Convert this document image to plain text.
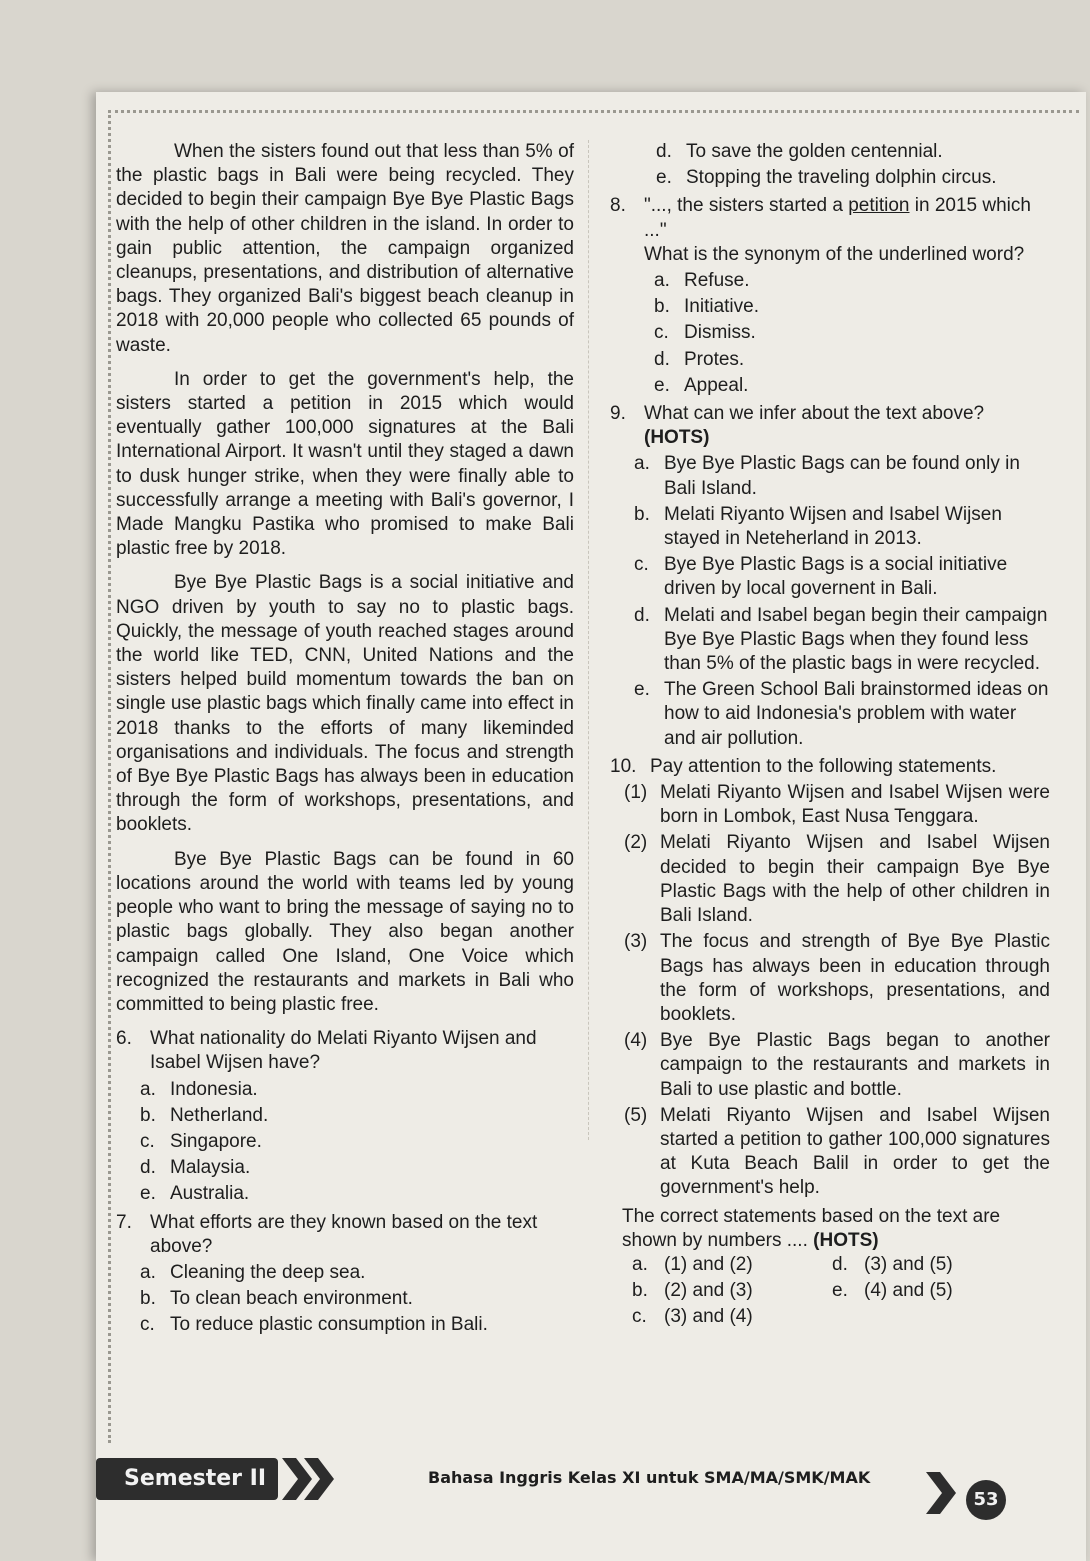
When the sisters found out that less than 5% of the plastic bags in Bali were being recycled. They decided to begin their campaign Bye Bye Plastic Bags with the help of other children in the island. In order to gain public attention, the campaign organized cleanups, presentations, and distribution of alternative bags. They organized Bali's biggest beach cleanup in 2018 with 20,000 people who collected 65 pounds of waste.

In order to get the government's help, the sisters started a petition in 2015 which would eventually gather 100,000 signatures at the Bali International Airport. It wasn't until they staged a dawn to dusk hunger strike, when they were finally able to successfully arrange a meeting with Bali's governor, I Made Mangku Pastika who promised to make Bali plastic free by 2018.

Bye Bye Plastic Bags is a social initiative and NGO driven by youth to say no to plastic bags. Quickly, the message of youth reached stages around the world like TED, CNN, United Nations and the sisters helped build momentum towards the ban on single use plastic bags which finally came into effect in 2018 thanks to the efforts of many likeminded organisations and individuals. The focus and strength of Bye Bye Plastic Bags has always been in education through the form of workshops, presentations, and booklets.

Bye Bye Plastic Bags can be found in 60 locations around the world with teams led by young people who want to bring the message of saying no to plastic bags globally. They also began another campaign called One Island, One Voice which recognized the restaurants and markets in Bali who committed to being plastic free.

6. What nationality do Melati Riyanto Wijsen and Isabel Wijsen have?
a. Indonesia.
b. Netherland.
c. Singapore.
d. Malaysia.
e. Australia.
7. What efforts are they known based on the text above?
a. Cleaning the deep sea.
b. To clean beach environment.
c. To reduce plastic consumption in Bali.
d. To save the golden centennial.
e. Stopping the traveling dolphin circus.
8. "..., the sisters started a petition in 2015 which ..."
What is the synonym of the underlined word?
a. Refuse.
b. Initiative.
c. Dismiss.
d. Protes.
e. Appeal.
9. What can we infer about the text above?
(HOTS)
a. Bye Bye Plastic Bags can be found only in Bali Island.
b. Melati Riyanto Wijsen and Isabel Wijsen stayed in Neteherland in 2013.
c. Bye Bye Plastic Bags is a social initiative driven by local governent in Bali.
d. Melati and Isabel began begin their campaign Bye Bye Plastic Bags when they found less than 5% of the plastic bags in were recycled.
e. The Green School Bali brainstormed ideas on how to aid Indonesia's problem with water and air pollution.
10. Pay attention to the following statements.
(1) Melati Riyanto Wijsen and Isabel Wijsen were born in Lombok, East Nusa Tenggara.
(2) Melati Riyanto Wijsen and Isabel Wijsen decided to begin their campaign Bye Bye Plastic Bags with the help of other children in Bali Island.
(3) The focus and strength of Bye Bye Plastic Bags has always been in education through the form of workshops, presentations, and booklets.
(4) Bye Bye Plastic Bags began to another campaign to the restaurants and markets in Bali to use plastic and bottle.
(5) Melati Riyanto Wijsen and Isabel Wijsen started a petition to gather 100,000 signatures at Kuta Beach Balil in order to get the government's help.

The correct statements based on the text are shown by numbers .... (HOTS)

a. (1) and (2)	d. (3) and (5)
b. (2) and (3)	e. (4) and (5)
c. (3) and (4)
Semester II	Bahasa Inggris Kelas XI untuk SMA/MA/SMK/MAK
53
